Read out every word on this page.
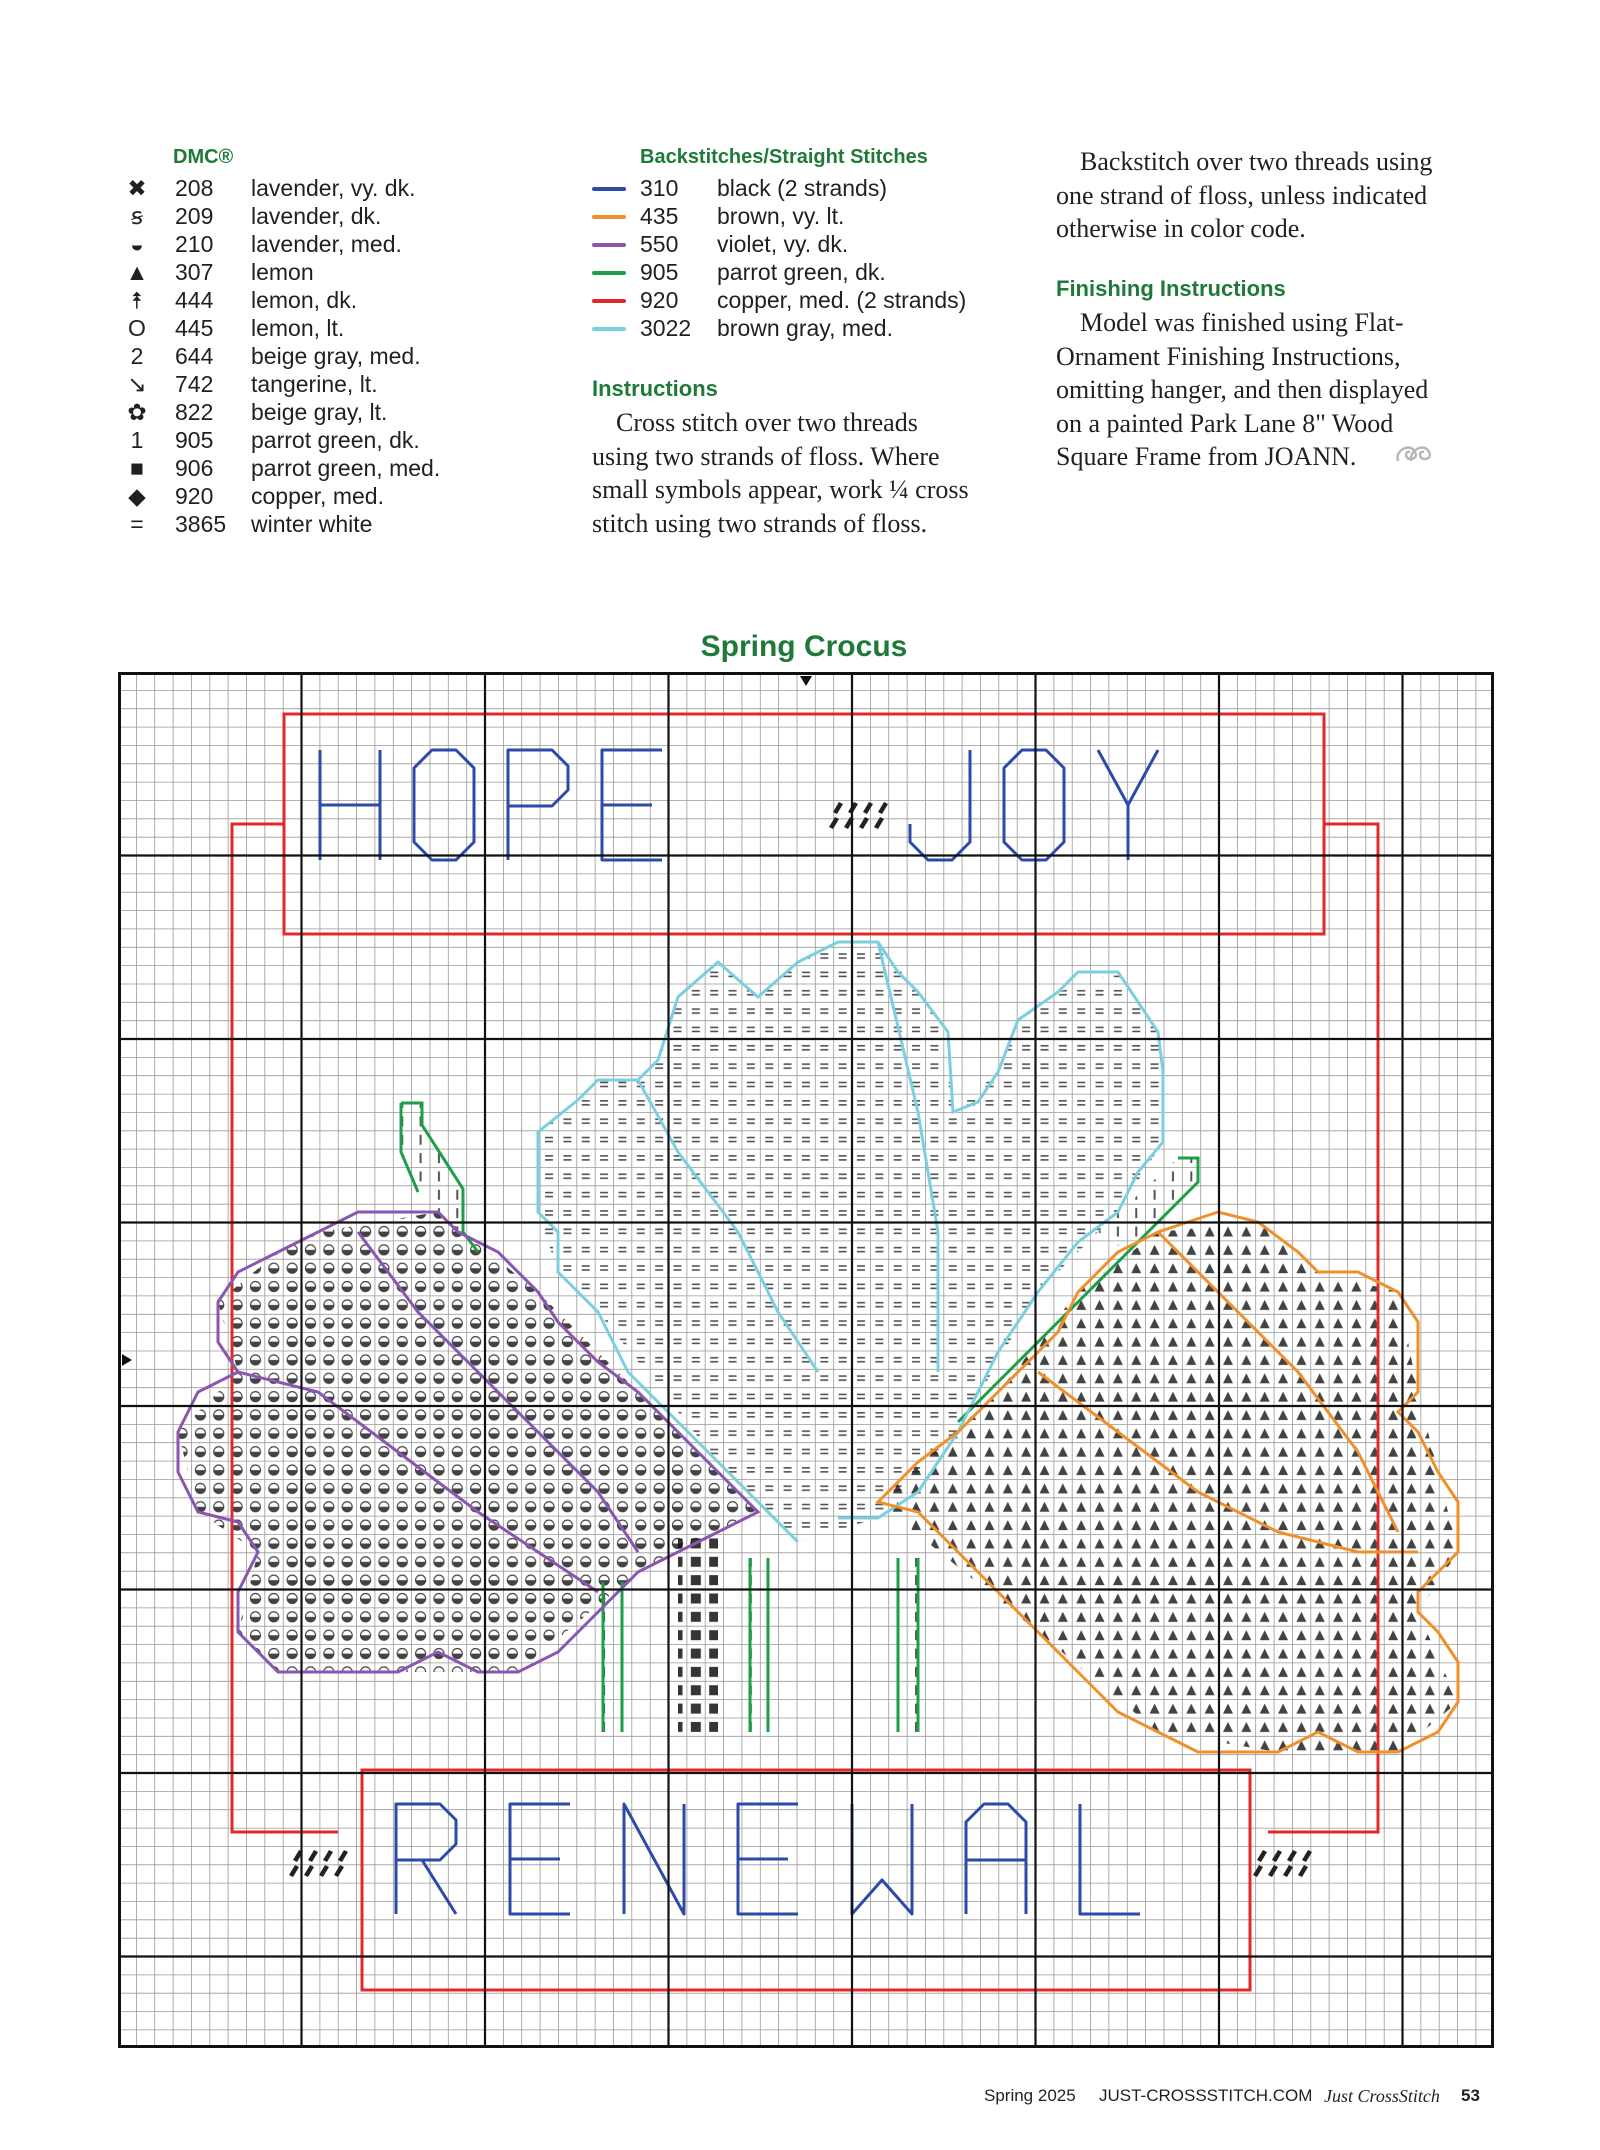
DMC®
✖ 208 lavender, vy. dk.
ꞩ	209 lavender, dk.
◒	210 lavender, med.
▲ 307 lemon
⯭	444 lemon, dk.
O 445 lemon, lt.
2	644 beige gray, med.
↘ 742 tangerine, lt.
✿ 822 beige gray, lt.
1	905 parrot green, dk.
■	906 parrot green, med.
◆ 920 copper, med.
=	3865 winter white
Backstitches/Straight Stitches
310 black (2 strands)
435 brown, vy. lt.
550 violet, vy. dk.
905 parrot green, dk.
920 copper, med. (2 strands)
3022 brown gray, med.
Instructions
Cross stitch over two threads
using two strands of floss. Where
small symbols appear, work ¼ cross
stitch using two strands of floss.
Backstitch over two threads using
one strand of floss, unless indicated
otherwise in color code.
Finishing Instructions
Model was finished using Flat-
Ornament Finishing Instructions,
omitting hanger, and then displayed
on a painted Park Lane 8" Wood
Square Frame from JOANN.
Spring Crocus
Spring 2025 JUST-CROSSSTITCH.COM Just CrossStitch 53
